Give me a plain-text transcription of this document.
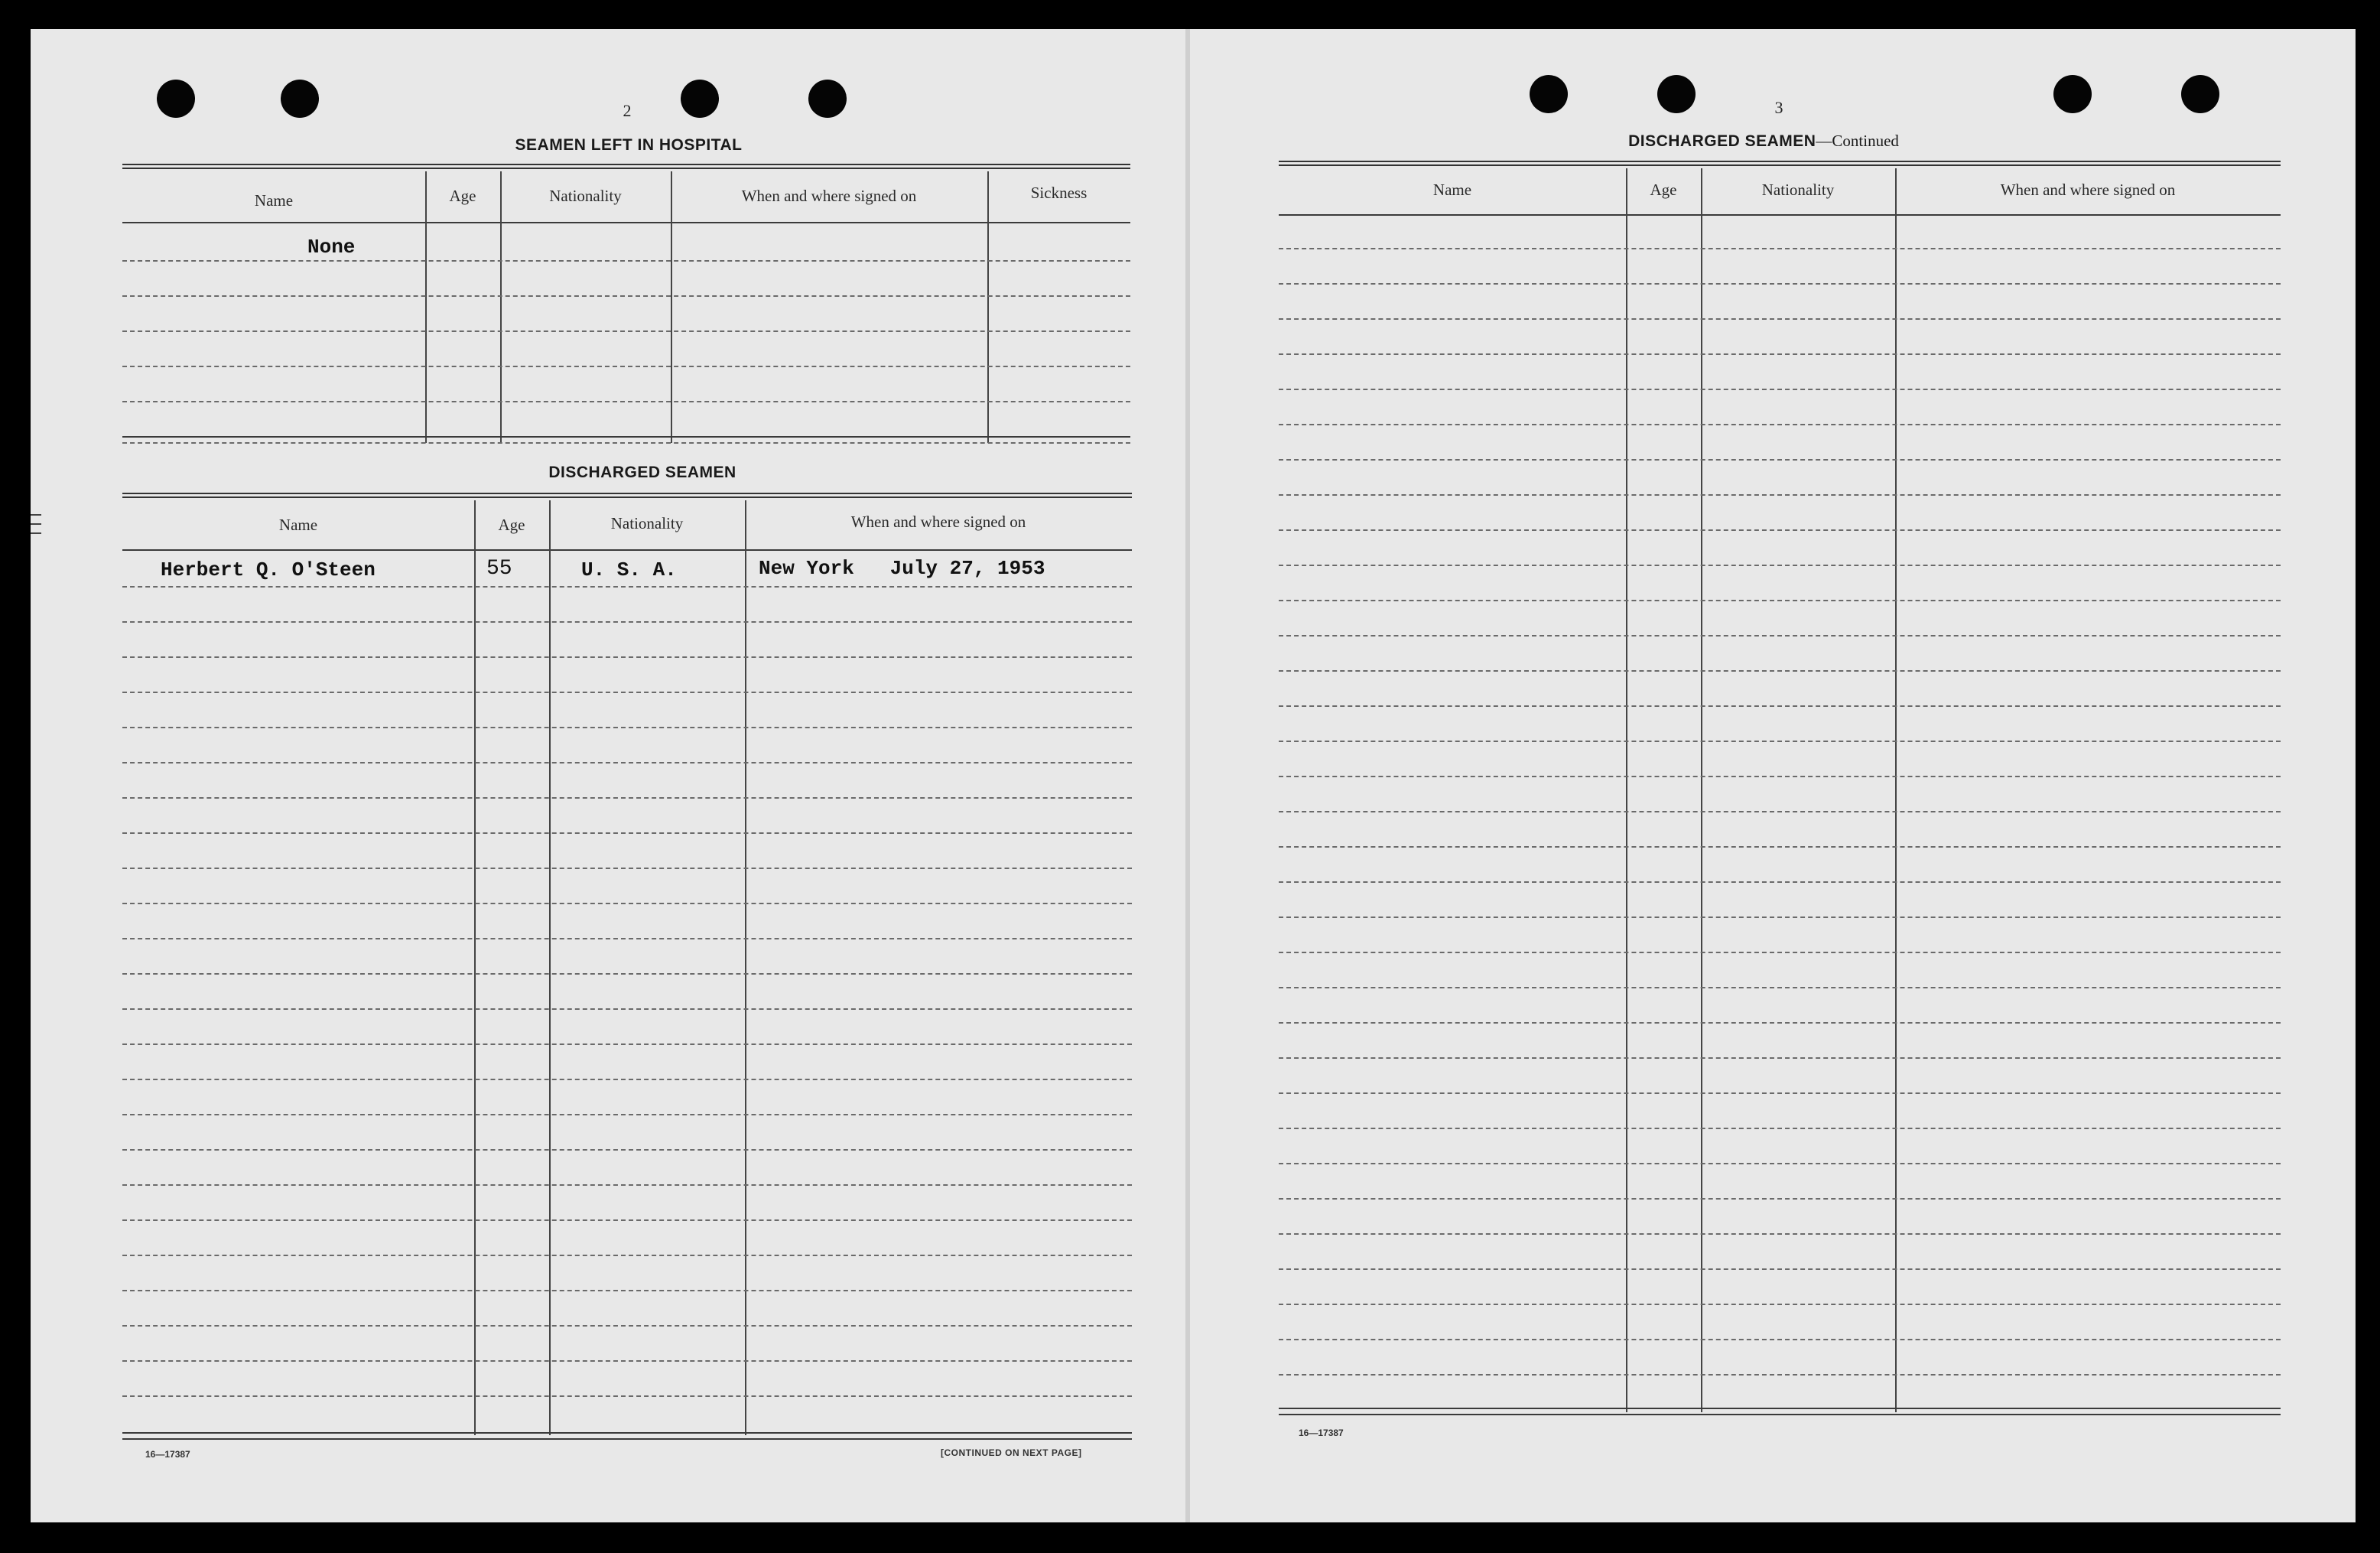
2
SEAMEN LEFT IN HOSPITAL
Name	Age	Nationality	When and where signed on	Sickness
None
DISCHARGED SEAMEN
Name	Age	Nationality	When and where signed on
Herbert Q. O'Steen	55	U. S. A.	New York   July 27, 1953
16—17387	[CONTINUED ON NEXT PAGE]
3
DISCHARGED SEAMEN—Continued
Name	Age	Nationality	When and where signed on
16—17387
